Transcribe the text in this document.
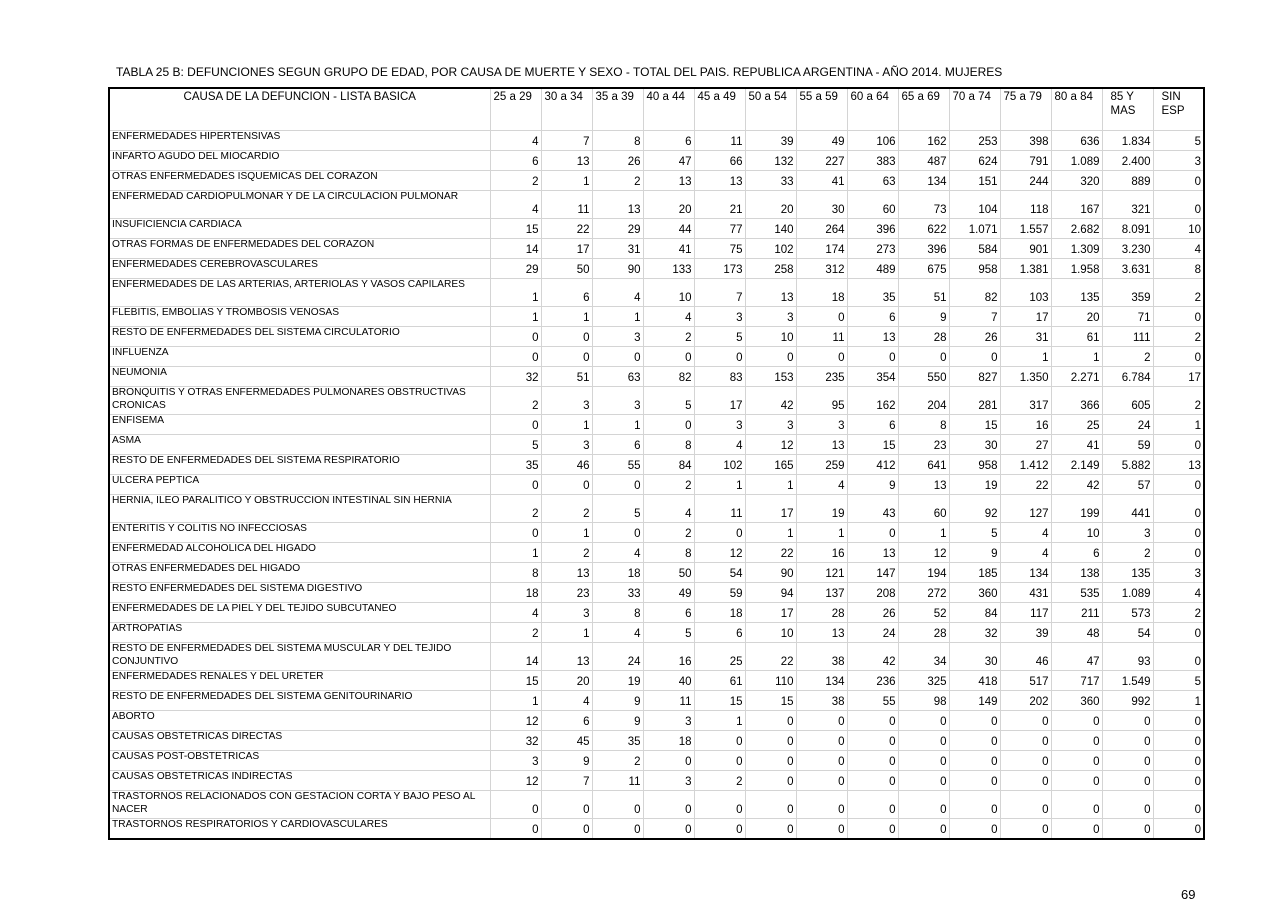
TABLA 25 B: DEFUNCIONES SEGUN GRUPO DE EDAD, POR CAUSA DE MUERTE Y SEXO - TOTAL DEL PAIS. REPUBLICA ARGENTINA - AÑO 2014. MUJERES
CAUSA DE LA DEFUNCION - LISTA BASICA	25 a 29	30 a 34	35 a 39	40 a 44	45 a 49	50 a 54	55 a 59	60 a 64	65 a 69	70 a 74	75 a 79	80 a 84	85 Y MAS	SIN ESP
ENFERMEDADES HIPERTENSIVAS	4	7	8	6	11	39	49	106	162	253	398	636	1.834	5
INFARTO AGUDO DEL MIOCARDIO	6	13	26	47	66	132	227	383	487	624	791	1.089	2.400	3
OTRAS ENFERMEDADES ISQUEMICAS DEL CORAZON	2	1	2	13	13	33	41	63	134	151	244	320	889	0
ENFERMEDAD CARDIOPULMONAR Y DE LA CIRCULACION PULMONAR	4	11	13	20	21	20	30	60	73	104	118	167	321	0
INSUFICIENCIA CARDIACA	15	22	29	44	77	140	264	396	622	1.071	1.557	2.682	8.091	10
OTRAS FORMAS DE ENFERMEDADES DEL CORAZON	14	17	31	41	75	102	174	273	396	584	901	1.309	3.230	4
ENFERMEDADES CEREBROVASCULARES	29	50	90	133	173	258	312	489	675	958	1.381	1.958	3.631	8
ENFERMEDADES DE LAS ARTERIAS, ARTERIOLAS Y VASOS CAPILARES	1	6	4	10	7	13	18	35	51	82	103	135	359	2
FLEBITIS, EMBOLIAS Y TROMBOSIS VENOSAS	1	1	1	4	3	3	0	6	9	7	17	20	71	0
RESTO DE ENFERMEDADES DEL SISTEMA CIRCULATORIO	0	0	3	2	5	10	11	13	28	26	31	61	111	2
INFLUENZA	0	0	0	0	0	0	0	0	0	0	1	1	2	0
NEUMONIA	32	51	63	82	83	153	235	354	550	827	1.350	2.271	6.784	17
BRONQUITIS Y OTRAS ENFERMEDADES PULMONARES OBSTRUCTIVAS CRONICAS	2	3	3	5	17	42	95	162	204	281	317	366	605	2
ENFISEMA	0	1	1	0	3	3	3	6	8	15	16	25	24	1
ASMA	5	3	6	8	4	12	13	15	23	30	27	41	59	0
RESTO DE ENFERMEDADES DEL SISTEMA RESPIRATORIO	35	46	55	84	102	165	259	412	641	958	1.412	2.149	5.882	13
ULCERA PEPTICA	0	0	0	2	1	1	4	9	13	19	22	42	57	0
HERNIA, ILEO PARALITICO Y OBSTRUCCION INTESTINAL SIN HERNIA	2	2	5	4	11	17	19	43	60	92	127	199	441	0
ENTERITIS Y COLITIS NO INFECCIOSAS	0	1	0	2	0	1	1	0	1	5	4	10	3	0
ENFERMEDAD ALCOHOLICA DEL HIGADO	1	2	4	8	12	22	16	13	12	9	4	6	2	0
OTRAS ENFERMEDADES DEL HIGADO	8	13	18	50	54	90	121	147	194	185	134	138	135	3
RESTO ENFERMEDADES DEL SISTEMA DIGESTIVO	18	23	33	49	59	94	137	208	272	360	431	535	1.089	4
ENFERMEDADES DE LA PIEL Y DEL TEJIDO SUBCUTANEO	4	3	8	6	18	17	28	26	52	84	117	211	573	2
ARTROPATIAS	2	1	4	5	6	10	13	24	28	32	39	48	54	0
RESTO DE ENFERMEDADES DEL SISTEMA MUSCULAR Y DEL TEJIDO CONJUNTIVO	14	13	24	16	25	22	38	42	34	30	46	47	93	0
ENFERMEDADES RENALES Y DEL URETER	15	20	19	40	61	110	134	236	325	418	517	717	1.549	5
RESTO DE ENFERMEDADES DEL SISTEMA GENITOURINARIO	1	4	9	11	15	15	38	55	98	149	202	360	992	1
ABORTO	12	6	9	3	1	0	0	0	0	0	0	0	0	0
CAUSAS OBSTETRICAS DIRECTAS	32	45	35	18	0	0	0	0	0	0	0	0	0	0
CAUSAS POST-OBSTETRICAS	3	9	2	0	0	0	0	0	0	0	0	0	0	0
CAUSAS OBSTETRICAS INDIRECTAS	12	7	11	3	2	0	0	0	0	0	0	0	0	0
TRASTORNOS RELACIONADOS CON GESTACION CORTA Y BAJO PESO AL NACER	0	0	0	0	0	0	0	0	0	0	0	0	0	0
TRASTORNOS RESPIRATORIOS Y CARDIOVASCULARES	0	0	0	0	0	0	0	0	0	0	0	0	0	0
69
